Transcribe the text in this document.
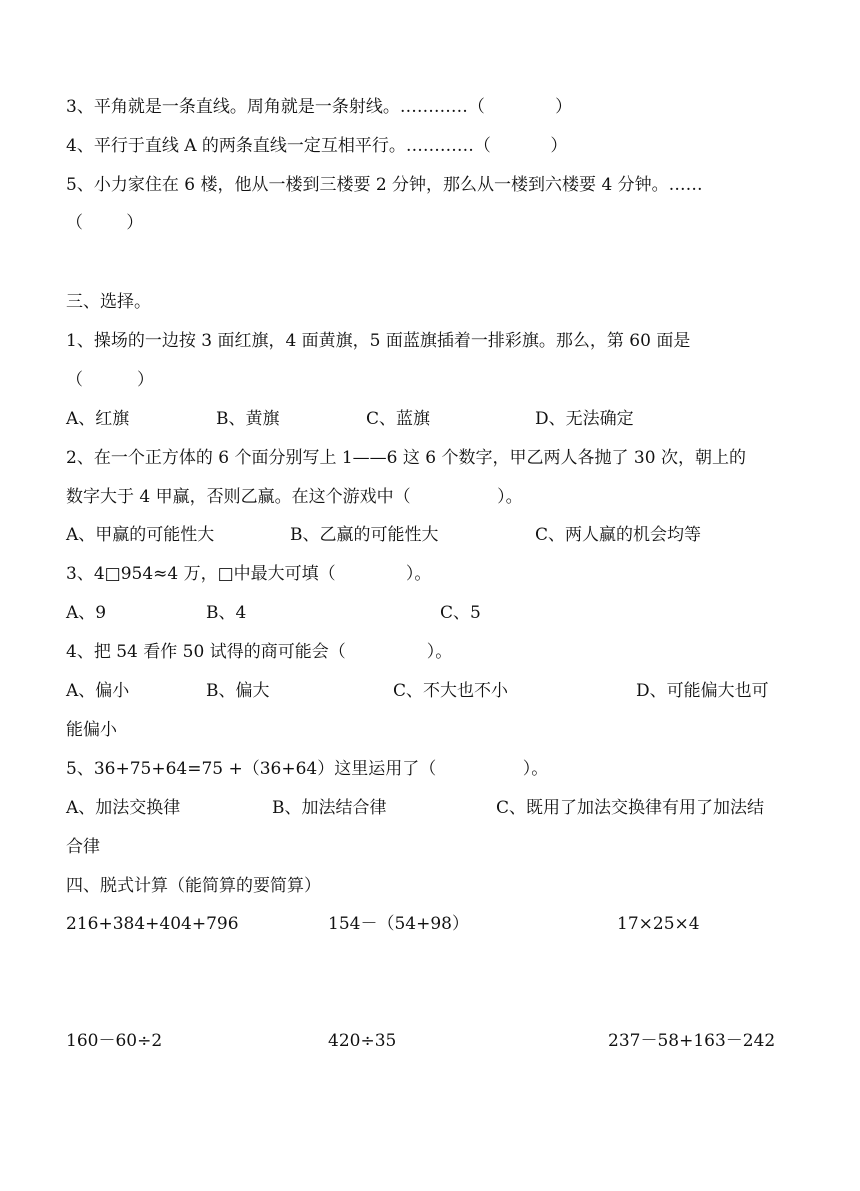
3、平角就是一条直线。周角就是一条射线。…………（             ）
4、平行于直线 A 的两条直线一定互相平行。…………（           ）
5、小力家住在 6 楼，他从一楼到三楼要 2 分钟，那么从一楼到六楼要 4 分钟。……
（        ）
三、选择。
1、操场的一边按 3 面红旗，4 面黄旗，5 面蓝旗插着一排彩旗。那么，第 60 面是
（          ）
A、红旗	B、黄旗	C、蓝旗	D、无法确定
2、在一个正方体的 6 个面分别写上 1——6 这 6 个数字，甲乙两人各抛了 30 次，朝上的
数字大于 4 甲赢，否则乙赢。在这个游戏中（                ）。
A、甲赢的可能性大	B、乙赢的可能性大	C、两人赢的机会均等
3、4□954≈4 万，□中最大可填（             ）。
A、9	B、4	C、5
4、把 54 看作 50 试得的商可能会（               ）。
A、偏小	B、偏大	C、不大也不小	D、可能偏大也可
能偏小
5、36+75+64=75 +（36+64）这里运用了（                ）。
A、加法交换律	B、加法结合律	C、既用了加法交换律有用了加法结
合律
四、脱式计算（能简算的要简算）
216+384+404+796	154－（54+98）	17×25×4
160－60÷2	420÷35	237－58+163－242
